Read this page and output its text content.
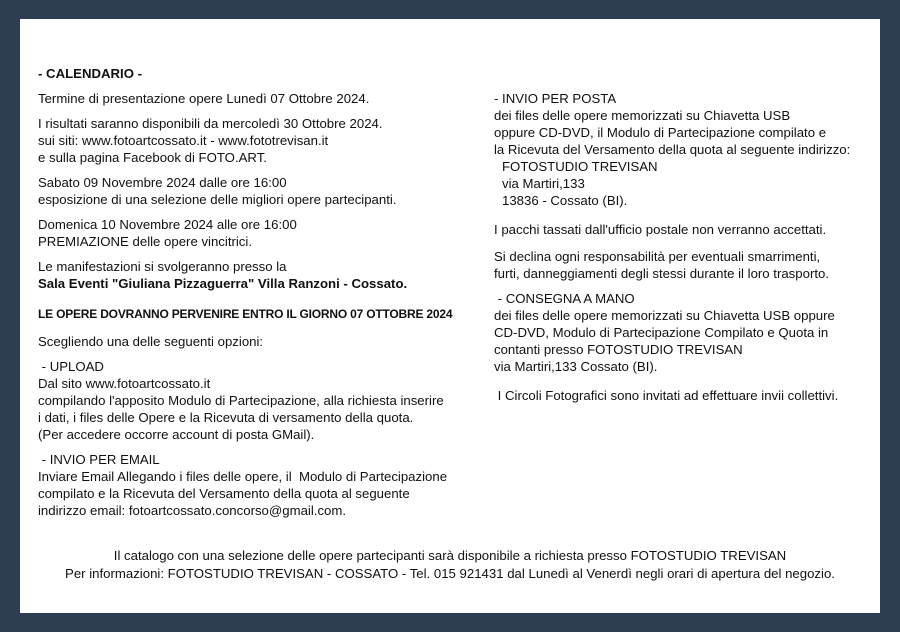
- CALENDARIO -
Termine di presentazione opere Lunedì 07 Ottobre 2024.
I risultati saranno disponibili da mercoledì 30 Ottobre 2024.
sui siti: www.fotoartcossato.it - www.fototrevisan.it
e sulla pagina Facebook di FOTO.ART.
Sabato 09 Novembre 2024 dalle ore 16:00
esposizione di una selezione delle migliori opere partecipanti.
Domenica 10 Novembre 2024 alle ore 16:00
PREMIAZIONE delle opere vincitrici.
Le manifestazioni si svolgeranno presso la
Sala Eventi "Giuliana Pizzaguerra" Villa Ranzoni - Cossato.
LE OPERE DOVRANNO PERVENIRE ENTRO IL GIORNO 07 OTTOBRE 2024
Scegliendo una delle seguenti opzioni:
- UPLOAD
Dal sito www.fotoartcossato.it
compilando l'apposito Modulo di Partecipazione, alla richiesta inserire
i dati, i files delle Opere e la Ricevuta di versamento della quota.
(Per accedere occorre account di posta GMail).
- INVIO PER EMAIL
Inviare Email Allegando i files delle opere, il  Modulo di Partecipazione
compilato e la Ricevuta del Versamento della quota al seguente
indirizzo email: fotoartcossato.concorso@gmail.com.
- INVIO PER POSTA
dei files delle opere memorizzati su Chiavetta USB
oppure CD-DVD, il Modulo di Partecipazione compilato e
la Ricevuta del Versamento della quota al seguente indirizzo:
FOTOSTUDIO TREVISAN
via Martiri,133
13836 - Cossato (BI).
I pacchi tassati dall'ufficio postale non verranno accettati.
Si declina ogni responsabilità per eventuali smarrimenti,
furti, danneggiamenti degli stessi durante il loro trasporto.
- CONSEGNA A MANO
dei files delle opere memorizzati su Chiavetta USB oppure
CD-DVD, Modulo di Partecipazione Compilato e Quota in
contanti presso FOTOSTUDIO TREVISAN
via Martiri,133 Cossato (BI).
I Circoli Fotografici sono invitati ad effettuare invii collettivi.
Il catalogo con una selezione delle opere partecipanti sarà disponibile a richiesta presso FOTOSTUDIO TREVISAN
Per informazioni: FOTOSTUDIO TREVISAN - COSSATO - Tel. 015 921431 dal Lunedì al Venerdì negli orari di apertura del negozio.
